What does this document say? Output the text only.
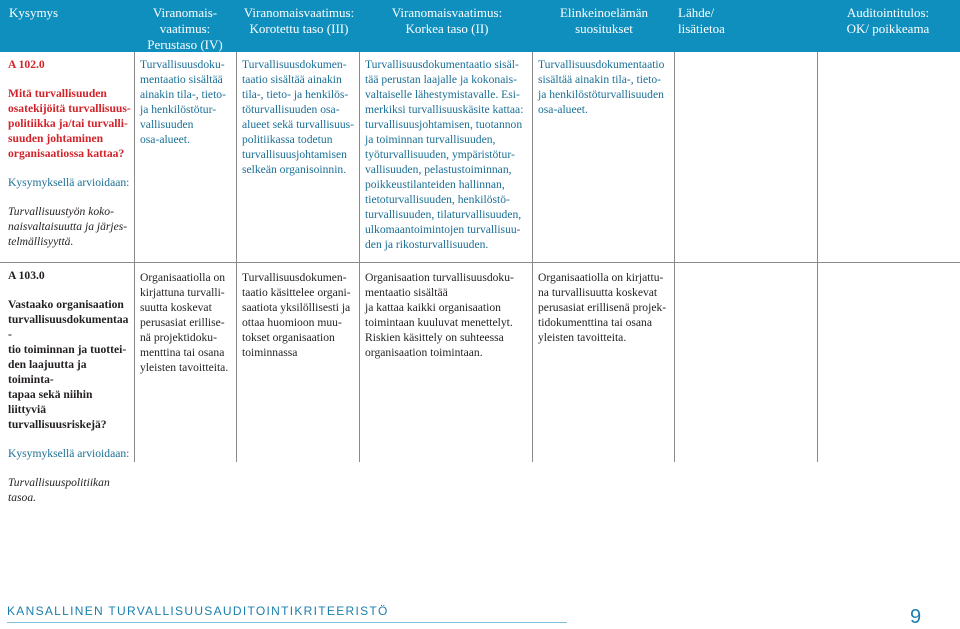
Kysymys	Viranomais-
vaatimus:
Perustaso (IV)
Viranomaisvaatimus:
Korotettu taso (III)
Viranomaisvaatimus:
Korkea taso (II)
Elinkeinoelämän
suositukset
Lähde/
lisätietoa
Auditointitulos:
OK/ poikkeama
A 102.0
Mitä turvallisuuden
osatekijöitä turvallisuus-
politiikka ja/tai turvalli-
suuden johtaminen
organisaatiossa kattaa?
Kysymyksellä arvioidaan:
Turvallisuustyön koko-
naisvaltaisuutta ja järjes-
telmällisyyttä.
Turvallisuusdoku-
mentaatio sisältää
ainakin tila-, tieto-
ja henkilöstötur-
vallisuuden
osa-alueet.
Turvallisuusdokumen-
taatio sisältää ainakin
tila-, tieto- ja henkilös-
töturvallisuuden osa-
alueet sekä turvallisuus-
politiikassa todetun
turvallisuusjohtamisen
selkeän organisoinnin.
Turvallisuusdokumentaatio sisäl-
tää perustan laajalle ja kokonais-
valtaiselle lähestymistavalle. Esi-
merkiksi turvallisuuskäsite kattaa:
turvallisuusjohtamisen, tuotannon
ja toiminnan turvallisuuden,
työturvallisuuden, ympäristötur-
vallisuuden, pelastustoiminnan,
poikkeustilanteiden hallinnan,
tietoturvallisuuden, henkilöstö-
turvallisuuden, tilaturvallisuuden,
ulkomaantoimintojen turvallisuu-
den ja rikosturvallisuuden.
Turvallisuusdokumentaatio
sisältää ainakin tila-, tieto-
ja henkilöstöturvallisuuden
osa-alueet.
A 103.0
Vastaako organisaation
turvallisuusdokumentaa-
tio toiminnan ja tuottei-
den laajuutta ja toiminta-
tapaa sekä niihin liittyviä
turvallisuusriskejä?
Kysymyksellä arvioidaan:
Turvallisuuspolitiikan
tasoa.
Organisaatiolla on
kirjattuna turvalli-
suutta koskevat
perusasiat erillise-
nä projektidoku-
menttina tai osana
yleisten tavoitteita.
Turvallisuusdokumen-
taatio käsittelee organi-
saatiota yksilöllisesti ja
ottaa huomioon muu-
tokset organisaation
toiminnassa
Organisaation turvallisuusdoku-
mentaatio sisältää
ja kattaa kaikki organisaation
toimintaan kuuluvat menettelyt.
Riskien käsittely on suhteessa
organisaation toimintaan.
Organisaatiolla on kirjattu-
na turvallisuutta koskevat
perusasiat erillisenä projek-
tidokumenttina tai osana
yleisten tavoitteita.
KANSALLINEN TURVALLISUUSAUDITOINTIKRITEERISTÖ	9
